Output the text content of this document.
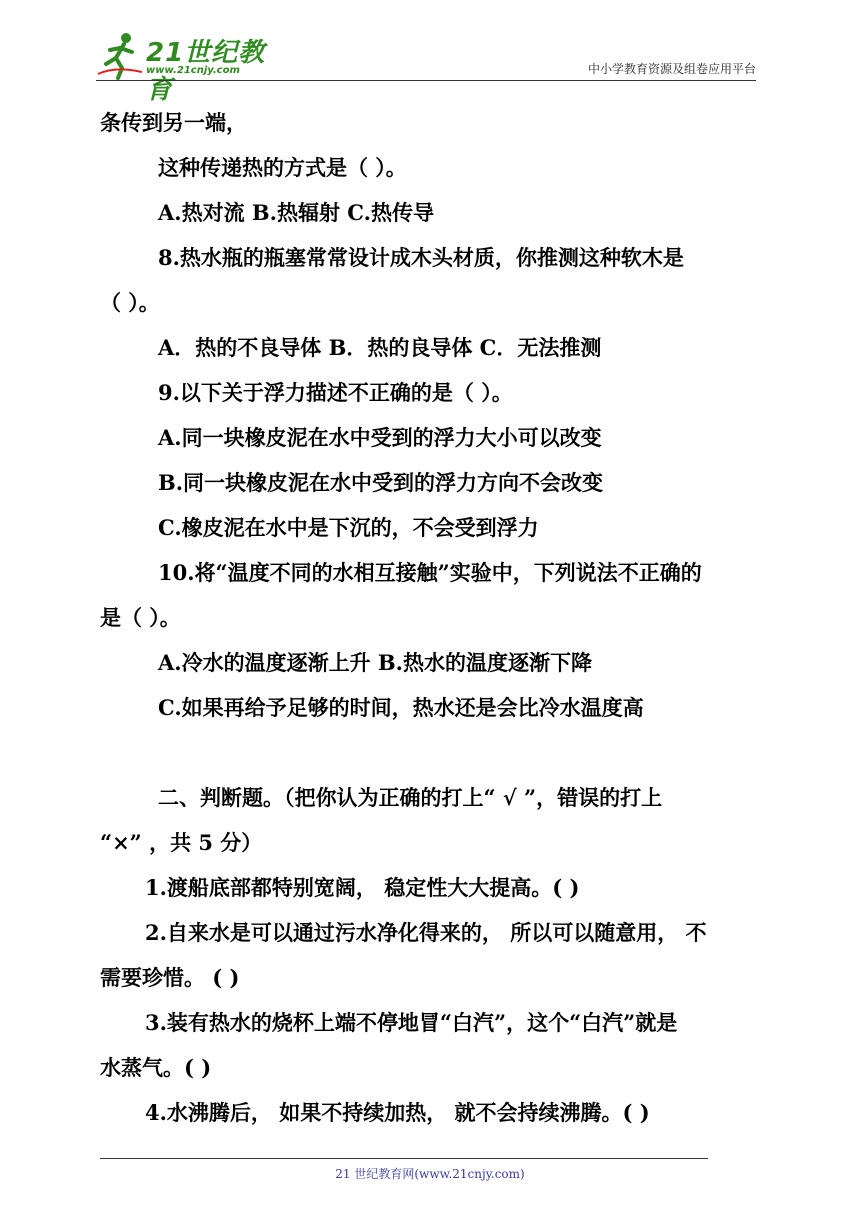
21世纪教育
www.21cnjy.com	中小学教育资源及组卷应用平台

条传到另一端，

这种传递热的方式是（ ）。

A.热对流 B.热辐射 C.热传导

8.热水瓶的瓶塞常常设计成木头材质，你推测这种软木是

（ ）。

A．热的不良导体 B．热的良导体 C．无法推测

9.以下关于浮力描述不正确的是（ ）。

A.同一块橡皮泥在水中受到的浮力大小可以改变

B.同一块橡皮泥在水中受到的浮力方向不会改变

C.橡皮泥在水中是下沉的，不会受到浮力

10.将“温度不同的水相互接触”实验中，下列说法不正确的

是（ ）。

A.冷水的温度逐渐上升 B.热水的温度逐渐下降

C.如果再给予足够的时间，热水还是会比冷水温度高

二、判断题。（把你认为正确的打上“ √ ”，错误的打上

“×” ，共 5 分）

1.渡船底部都特别宽阔， 稳定性大大提高。( )

2.自来水是可以通过污水净化得来的， 所以可以随意用， 不

需要珍惜。 ( )

3.装有热水的烧杯上端不停地冒“白汽”，这个“白汽”就是

水蒸气。( )

4.水沸腾后， 如果不持续加热， 就不会持续沸腾。( )

21 世纪教育网(www.21cnjy.com)
